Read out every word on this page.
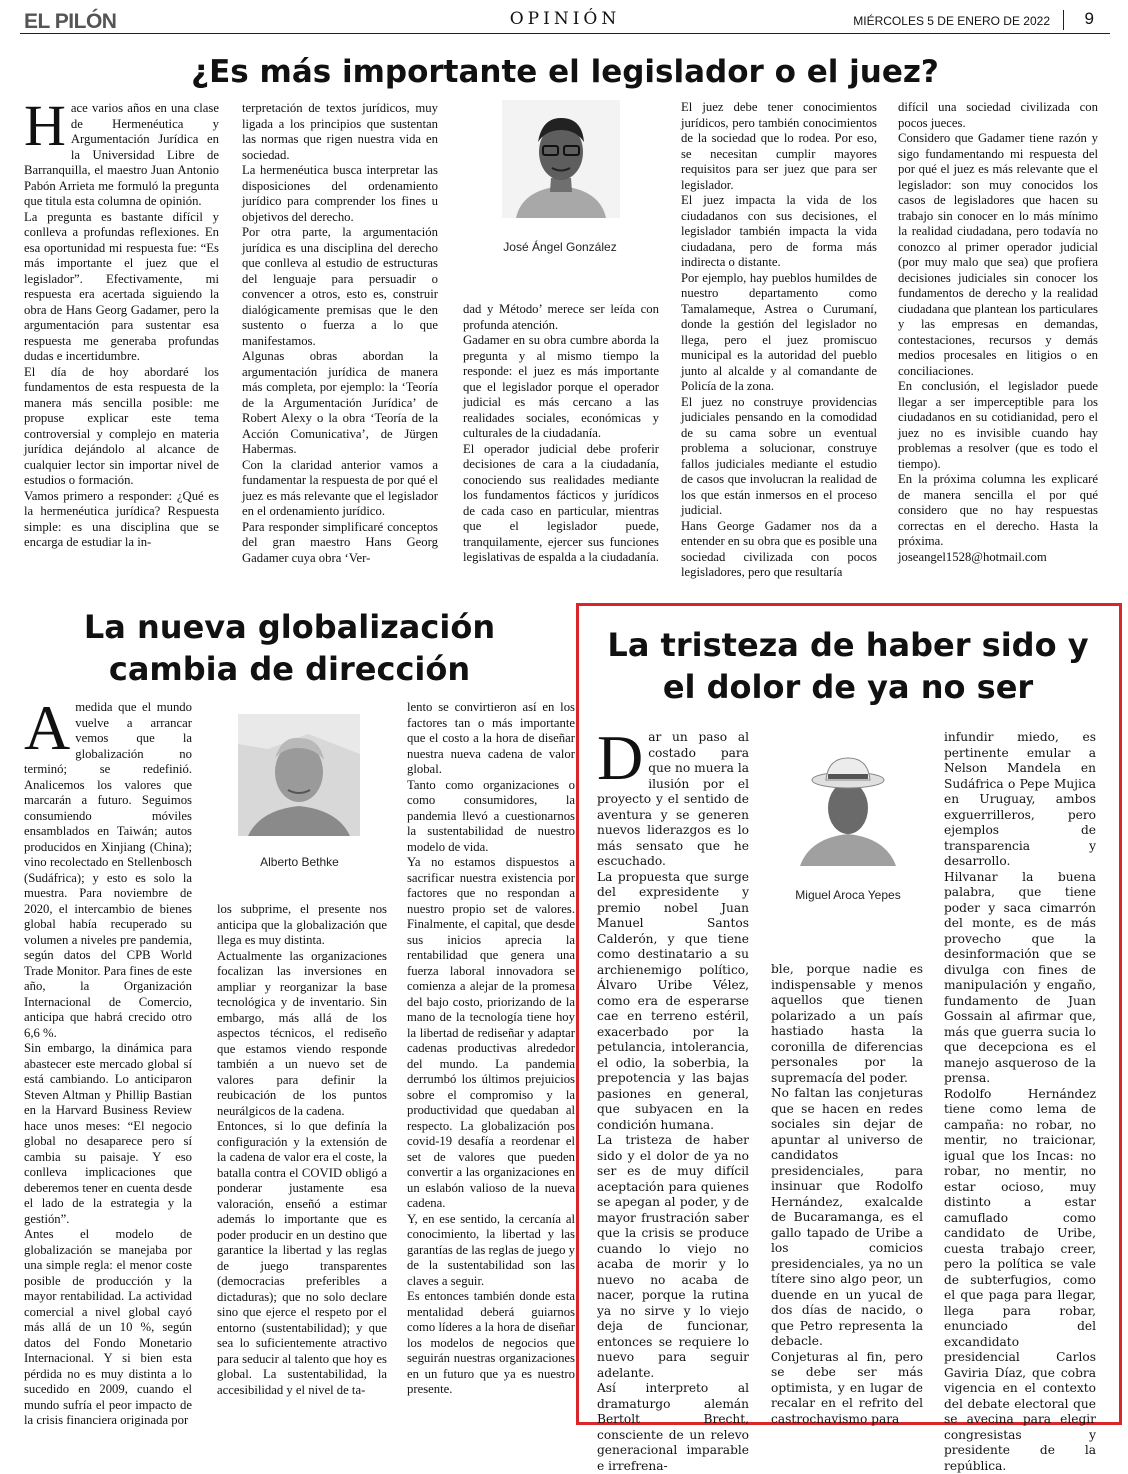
EL PILÓN	OPINIÓN	MIÉRCOLES 5 DE ENERO DE 2022 9
¿Es más importante el legislador o el juez?
Hace varios años en una clase de Hermenéutica y Argumentación Jurídica en la Universidad Libre de Barranquilla, el maestro Juan Antonio Pabón Arrieta me formuló la pregunta que titula esta columna de opinión.
La pregunta es bastante difícil y conlleva a profundas reflexiones. En esa oportunidad mi respuesta fue: “Es más importante el juez que el legislador”. Efectivamente, mi respuesta era acertada siguiendo la obra de Hans Georg Gadamer, pero la argumentación para sustentar esa respuesta me generaba profundas dudas e incertidumbre.
El día de hoy abordaré los fundamentos de esta respuesta de la manera más sencilla posible: me propuse explicar este tema controversial y complejo en materia jurídica dejándolo al alcance de cualquier lector sin importar nivel de estudios o formación.
Vamos primero a responder: ¿Qué es la hermenéutica jurídica? Respuesta simple: es una disciplina que se encarga de estudiar la in-
terpretación de textos jurídicos, muy ligada a los principios que sustentan las normas que rigen nuestra vida en sociedad.
La hermenéutica busca interpretar las disposiciones del ordenamiento jurídico para comprender los fines u objetivos del derecho.
Por otra parte, la argumentación jurídica es una disciplina del derecho que conlleva al estudio de estructuras del lenguaje para persuadir o convencer a otros, esto es, construir dialógicamente premisas que le den sustento o fuerza a lo que manifestamos.
Algunas obras abordan la argumentación jurídica de manera más completa, por ejemplo: la ‘Teoría de la Argumentación Jurídica’ de Robert Alexy o la obra ‘Teoría de la Acción Comunicativa’, de Jürgen Habermas.
Con la claridad anterior vamos a fundamentar la respuesta de por qué el juez es más relevante que el legislador en el ordenamiento jurídico.
Para responder simplificaré conceptos del gran maestro Hans Georg Gadamer cuya obra ‘Ver-
José Ángel González
dad y Método’ merece ser leída con profunda atención.
Gadamer en su obra cumbre aborda la pregunta y al mismo tiempo la responde: el juez es más importante que el legislador porque el operador judicial es más cercano a las realidades sociales, económicas y culturales de la ciudadanía.
El operador judicial debe proferir decisiones de cara a la ciudadanía, conociendo sus realidades mediante los fundamentos fácticos y jurídicos de cada caso en particular, mientras que el legislador puede, tranquilamente, ejercer sus funciones legislativas de espalda a la ciudadanía.
El juez debe tener conocimientos jurídicos, pero también conocimientos de la sociedad que lo rodea. Por eso, se necesitan cumplir mayores requisitos para ser juez que para ser legislador.
El juez impacta la vida de los ciudadanos con sus decisiones, el legislador también impacta la vida ciudadana, pero de forma más indirecta o distante.
Por ejemplo, hay pueblos humildes de nuestro departamento como Tamalameque, Astrea o Curumaní, donde la gestión del legislador no llega, pero el juez promiscuo municipal es la autoridad del pueblo junto al alcalde y al comandante de Policía de la zona.
El juez no construye providencias judiciales pensando en la comodidad de su cama sobre un eventual problema a solucionar, construye fallos judiciales mediante el estudio de casos que involucran la realidad de los que están inmersos en el proceso judicial.
Hans George Gadamer nos da a entender en su obra que es posible una sociedad civilizada con pocos legisladores, pero que resultaría
difícil una sociedad civilizada con pocos jueces.
Considero que Gadamer tiene razón y sigo fundamentando mi respuesta del por qué el juez es más relevante que el legislador: son muy conocidos los casos de legisladores que hacen su trabajo sin conocer en lo más mínimo la realidad ciudadana, pero todavía no conozco al primer operador judicial (por muy malo que sea) que profiera decisiones judiciales sin conocer los fundamentos de derecho y la realidad ciudadana que plantean los particulares y las empresas en demandas, contestaciones, recursos y demás medios procesales en litigios o en conciliaciones.
En conclusión, el legislador puede llegar a ser imperceptible para los ciudadanos en su cotidianidad, pero el juez no es invisible cuando hay problemas a resolver (que es todo el tiempo).
En la próxima columna les explicaré de manera sencilla el por qué considero que no hay respuestas correctas en el derecho. Hasta la próxima.
joseangel1528@hotmail.com
La nueva globalización cambia de dirección
Amedida que el mundo vuelve a arrancar vemos que la globalización no terminó; se redefinió. Analicemos los valores que marcarán a futuro. Seguimos consumiendo móviles ensamblados en Taiwán; autos producidos en Xinjiang (China); vino recolectado en Stellenbosch (Sudáfrica); y esto es solo la muestra. Para noviembre de 2020, el intercambio de bienes global había recuperado su volumen a niveles pre pandemia, según datos del CPB World Trade Monitor. Para fines de este año, la Organización Internacional de Comercio, anticipa que habrá crecido otro 6,6 %.
Sin embargo, la dinámica para abastecer este mercado global sí está cambiando. Lo anticiparon Steven Altman y Phillip Bastian en la Harvard Business Review hace unos meses: “El negocio global no desaparece pero sí cambia su paisaje. Y eso conlleva implicaciones que deberemos tener en cuenta desde el lado de la estrategia y la gestión”.
Antes el modelo de globalización se manejaba por una simple regla: el menor coste posible de producción y la mayor rentabilidad. La actividad comercial a nivel global cayó más allá de un 10 %, según datos del Fondo Monetario Internacional. Y si bien esta pérdida no es muy distinta a lo sucedido en 2009, cuando el mundo sufría el peor impacto de la crisis financiera originada por
Alberto Bethke
los subprime, el presente nos anticipa que la globalización que llega es muy distinta.
Actualmente las organizaciones focalizan las inversiones en ampliar y reorganizar la base tecnológica y de inventario. Sin embargo, más allá de los aspectos técnicos, el rediseño que estamos viendo responde también a un nuevo set de valores para definir la reubicación de los puntos neurálgicos de la cadena.
Entonces, si lo que definía la configuración y la extensión de la cadena de valor era el coste, la batalla contra el COVID obligó a ponderar justamente esa valoración, enseñó a estimar además lo importante que es poder producir en un destino que garantice la libertad y las reglas de juego transparentes (democracias preferibles a dictaduras); que no solo declare sino que ejerce el respeto por el entorno (sustentabilidad); y que sea lo suficientemente atractivo para seducir al talento que hoy es global. La sustentabilidad, la accesibilidad y el nivel de ta-
lento se convirtieron así en los factores tan o más importante que el costo a la hora de diseñar nuestra nueva cadena de valor global.
Tanto como organizaciones o como consumidores, la pandemia llevó a cuestionarnos la sustentabilidad de nuestro modelo de vida.
Ya no estamos dispuestos a sacrificar nuestra existencia por factores que no respondan a nuestro propio set de valores. Finalmente, el capital, que desde sus inicios aprecia la rentabilidad que genera una fuerza laboral innovadora se comienza a alejar de la promesa del bajo costo, priorizando de la mano de la tecnología tiene hoy la libertad de rediseñar y adaptar cadenas productivas alrededor del mundo. La pandemia derrumbó los últimos prejuicios sobre el compromiso y la productividad que quedaban al respecto. La globalización pos covid-19 desafía a reordenar el set de valores que pueden convertir a las organizaciones en un eslabón valioso de la nueva cadena.
Y, en ese sentido, la cercanía al conocimiento, la libertad y las garantías de las reglas de juego y de la sustentabilidad son las claves a seguir.
Es entonces también donde esta mentalidad deberá guiarnos como líderes a la hora de diseñar los modelos de negocios que seguirán nuestras organizaciones en un futuro que ya es nuestro presente.
La tristeza de haber sido y el dolor de ya no ser
Dar un paso al costado para que no muera la ilusión por el proyecto y el sentido de aventura y se generen nuevos liderazgos es lo más sensato que he escuchado.
La propuesta que surge del expresidente y premio nobel Juan Manuel Santos Calderón, y que tiene como destinatario a su archienemigo político, Álvaro Uribe Vélez, como era de esperarse cae en terreno estéril, exacerbado por la petulancia, intolerancia, el odio, la soberbia, la prepotencia y las bajas pasiones en general, que subyacen en la condición humana.
La tristeza de haber sido y el dolor de ya no ser es de muy difícil aceptación para quienes se apegan al poder, y de mayor frustración saber que la crisis se produce cuando lo viejo no acaba de morir y lo nuevo no acaba de nacer, porque la rutina ya no sirve y lo viejo deja de funcionar, entonces se requiere lo nuevo para seguir adelante.
Así interpreto al dramaturgo alemán Bertolt Brecht, consciente de un relevo generacional imparable e irrefrena-
Miguel Aroca Yepes
ble, porque nadie es indispensable y menos aquellos que tienen polarizado a un país hastiado hasta la coronilla de diferencias personales por la supremacía del poder.
No faltan las conjeturas que se hacen en redes sociales sin dejar de apuntar al universo de candidatos presidenciales, para insinuar que Rodolfo Hernández, exalcalde de Bucaramanga, es el gallo tapado de Uribe a los comicios presidenciales, ya no un títere sino algo peor, un duende en un yucal de dos días de nacido, o que Petro representa la debacle.
Conjeturas al fin, pero se debe ser más optimista, y en lugar de recalar en el refrito del castrochavismo para
infundir miedo, es pertinente emular a Nelson Mandela en Sudáfrica o Pepe Mujica en Uruguay, ambos exguerrilleros, pero ejemplos de transparencia y desarrollo.
Hilvanar la buena palabra, que tiene poder y saca cimarrón del monte, es de más provecho que la desinformación que se divulga con fines de manipulación y engaño, fundamento de Juan Gossain al afirmar que, más que guerra sucia lo que decepciona es el manejo asqueroso de la prensa.
Rodolfo Hernández tiene como lema de campaña: no robar, no mentir, no traicionar, igual que los Incas: no robar, no mentir, no estar ocioso, muy distinto a estar camuflado como candidato de Uribe, cuesta trabajo creer, pero la política se vale de subterfugios, como el que paga para llegar, llega para robar, enunciado del excandidato presidencial Carlos Gaviria Díaz, que cobra vigencia en el contexto del debate electoral que se avecina para elegir congresistas y presidente de la república.
